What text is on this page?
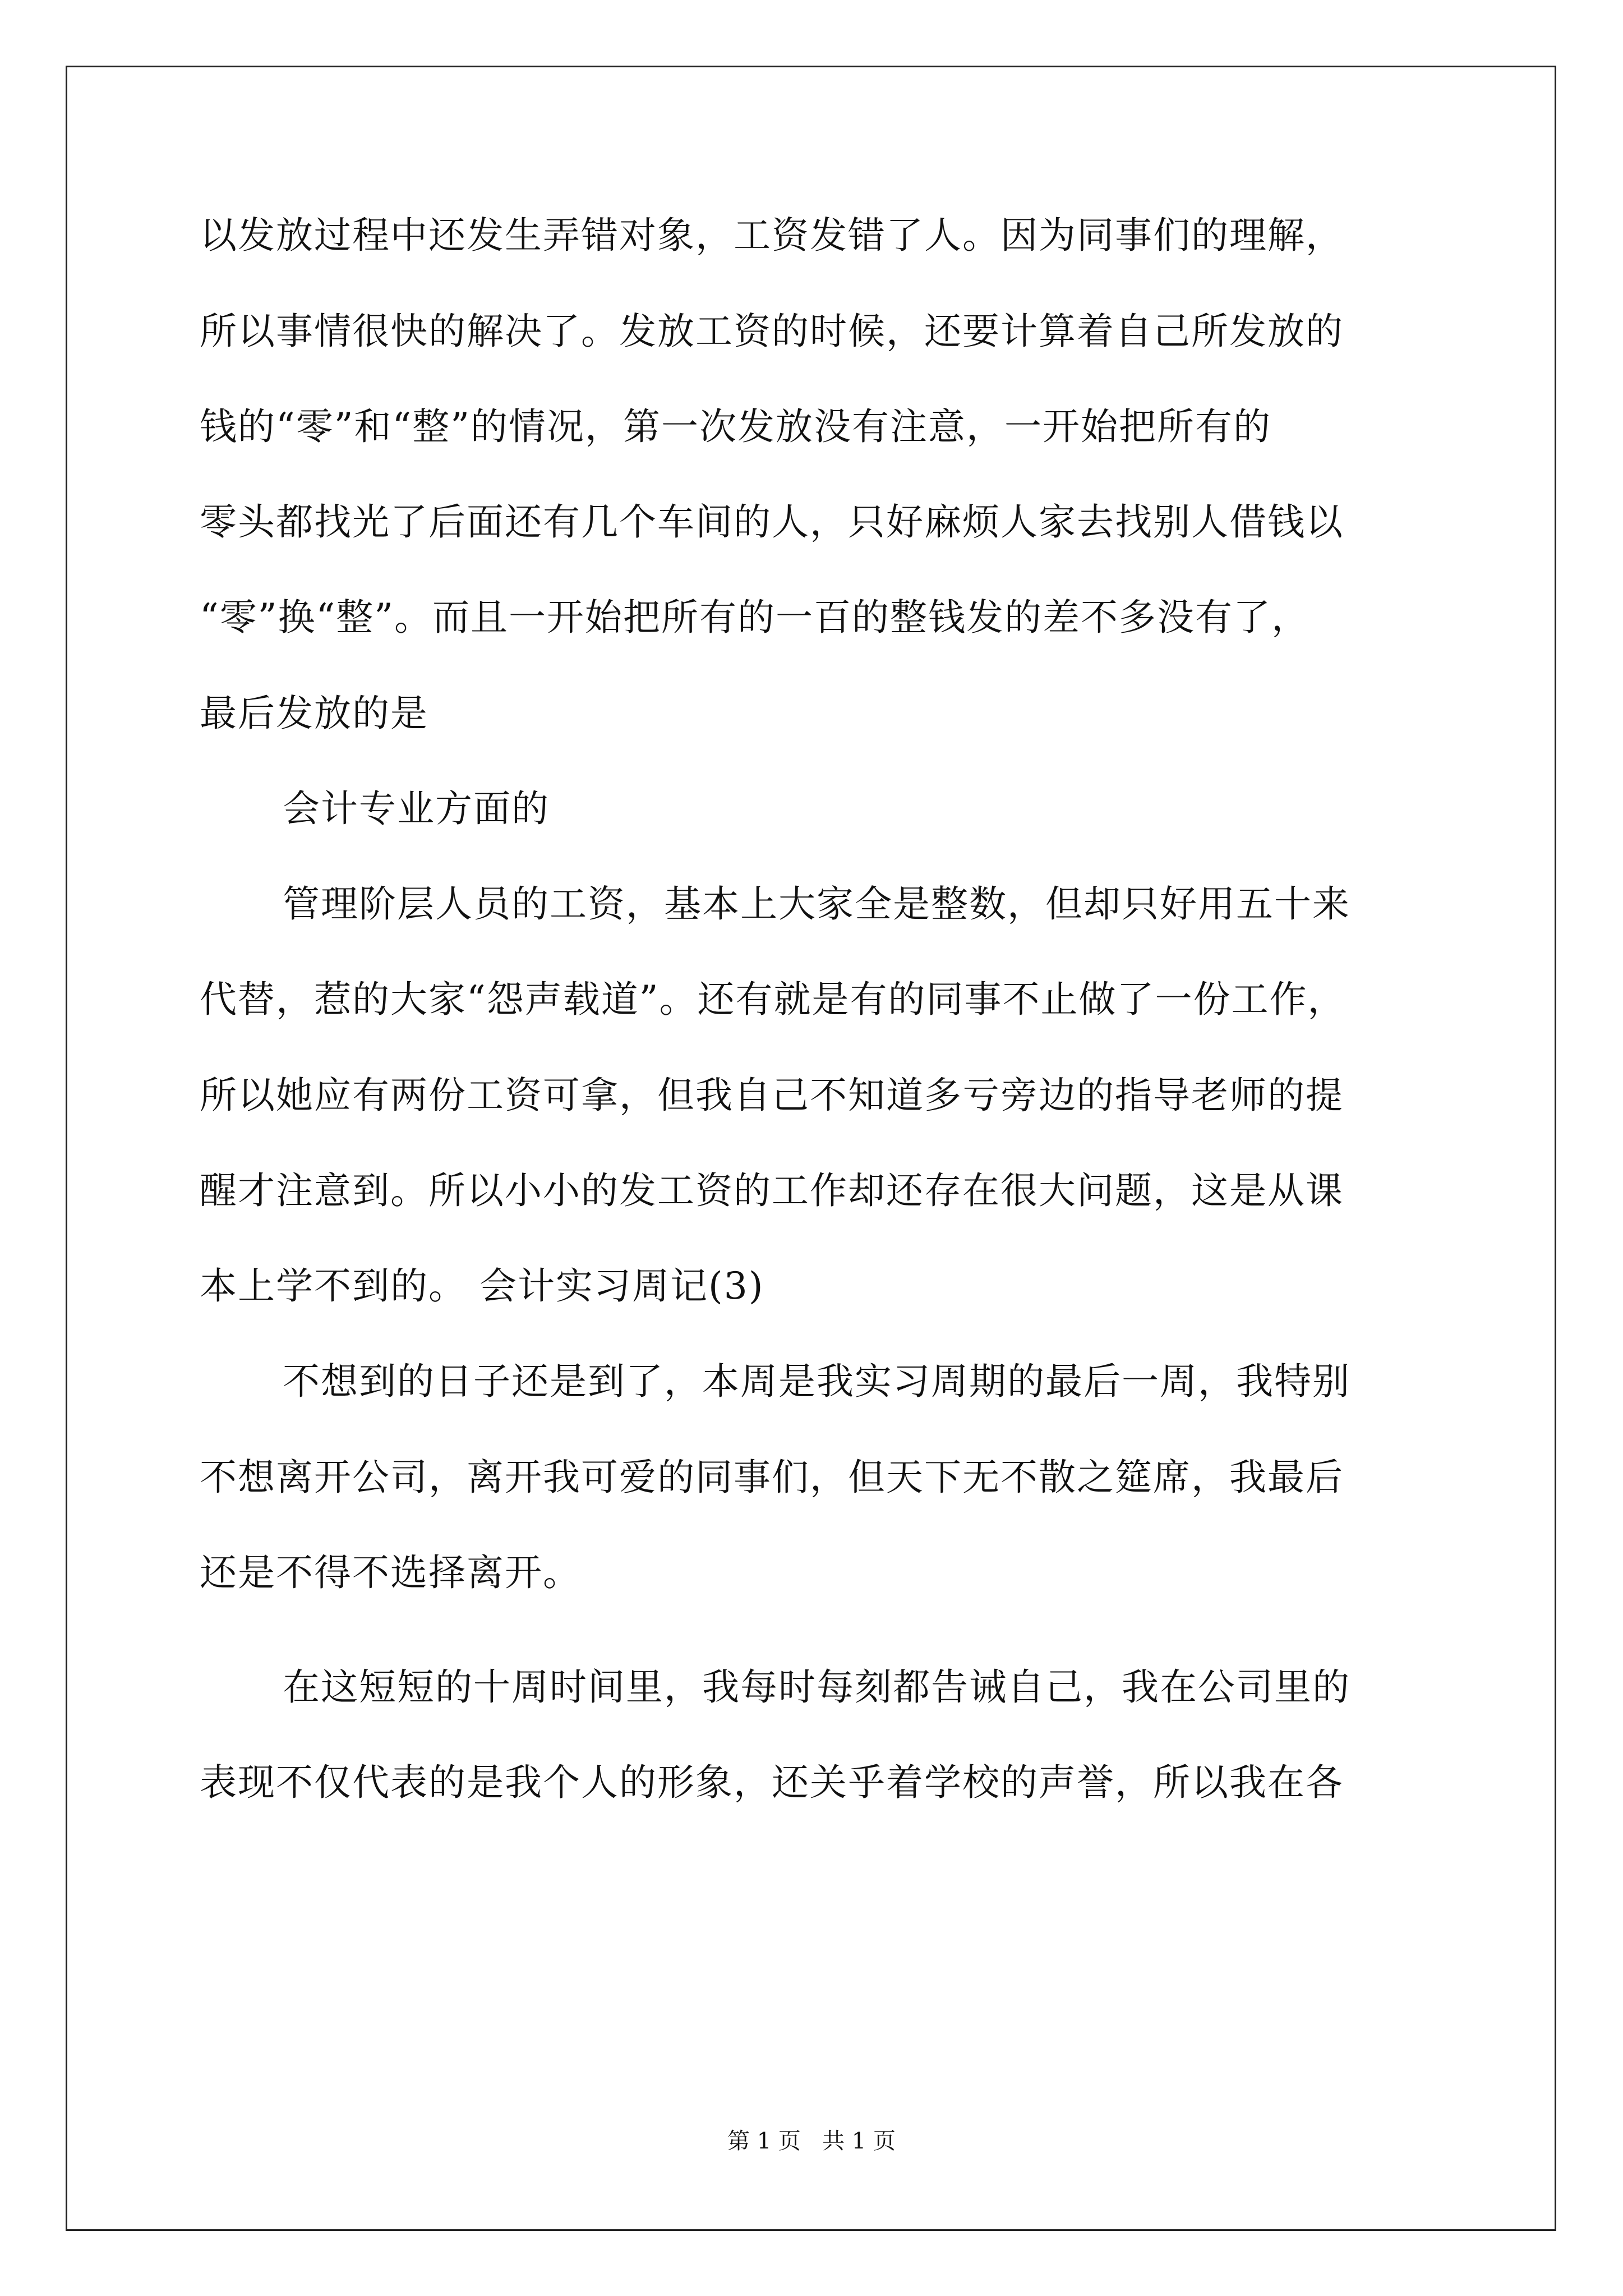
以发放过程中还发生弄错对象，工资发错了人。因为同事们的理解，
所以事情很快的解决了。发放工资的时候，还要计算着自己所发放的
钱的“零”和“整”的情况，第一次发放没有注意，一开始把所有的
零头都找光了后面还有几个车间的人，只好麻烦人家去找别人借钱以
“零”换“整”。而且一开始把所有的一百的整钱发的差不多没有了，
最后发放的是
会计专业方面的
管理阶层人员的工资，基本上大家全是整数，但却只好用五十来
代替，惹的大家“怨声载道”。还有就是有的同事不止做了一份工作，
所以她应有两份工资可拿，但我自己不知道多亏旁边的指导老师的提
醒才注意到。所以小小的发工资的工作却还存在很大问题，这是从课
本上学不到的。 会计实习周记(3)
不想到的日子还是到了，本周是我实习周期的最后一周，我特别
不想离开公司，离开我可爱的同事们，但天下无不散之筵席，我最后
还是不得不选择离开。
在这短短的十周时间里，我每时每刻都告诫自己，我在公司里的
表现不仅代表的是我个人的形象，还关乎着学校的声誉，所以我在各
第 1 页   共 1 页
